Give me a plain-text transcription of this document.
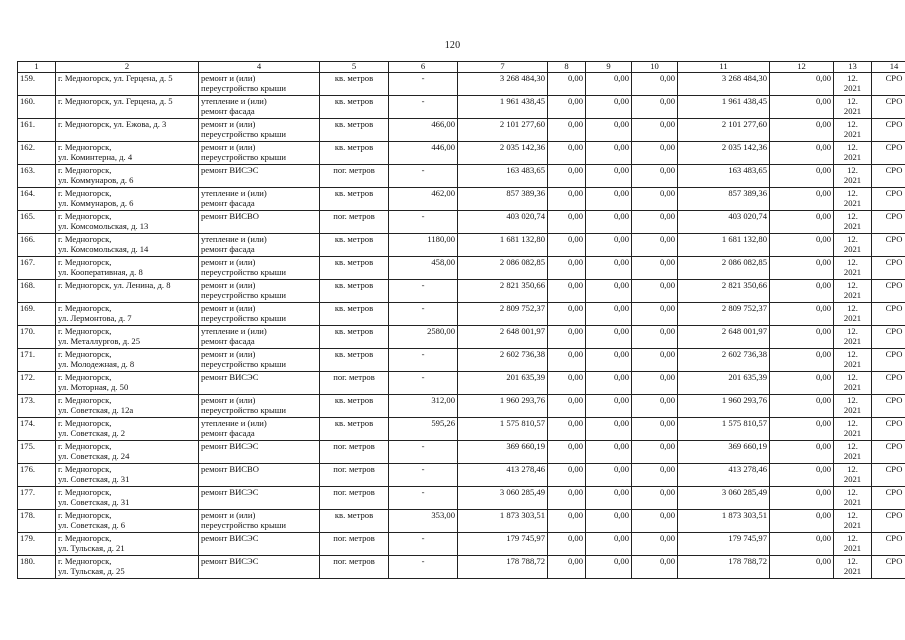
120
1	2	4	5	6	7	8	9	10	11	12	13	14
159.	г. Медногорск, ул. Герцена, д. 5	ремонт и (или)
переустройство крыши	кв. метров	-	3 268 484,30	0,00	0,00	0,00	3 268 484,30	0,00	12.
2021	СРО
160.	г. Медногорск, ул. Герцена, д. 5	утепление и (или)
ремонт фасада	кв. метров	-	1 961 438,45	0,00	0,00	0,00	1 961 438,45	0,00	12.
2021	СРО
161.	г. Медногорск, ул. Ежова, д. 3	ремонт и (или)
переустройство крыши	кв. метров	466,00	2 101 277,60	0,00	0,00	0,00	2 101 277,60	0,00	12.
2021	СРО
162.	г. Медногорск,
ул. Коминтерна, д. 4	ремонт и (или)
переустройство крыши	кв. метров	446,00	2 035 142,36	0,00	0,00	0,00	2 035 142,36	0,00	12.
2021	СРО
163.	г. Медногорск,
ул. Коммунаров, д. 6	ремонт ВИСЭС	пог. метров	-	163 483,65	0,00	0,00	0,00	163 483,65	0,00	12.
2021	СРО
164.	г. Медногорск,
ул. Коммунаров, д. 6	утепление и (или)
ремонт фасада	кв. метров	462,00	857 389,36	0,00	0,00	0,00	857 389,36	0,00	12.
2021	СРО
165.	г. Медногорск,
ул. Комсомольская, д. 13	ремонт ВИСВО	пог. метров	-	403 020,74	0,00	0,00	0,00	403 020,74	0,00	12.
2021	СРО
166.	г. Медногорск,
ул. Комсомольская, д. 14	утепление и (или)
ремонт фасада	кв. метров	1180,00	1 681 132,80	0,00	0,00	0,00	1 681 132,80	0,00	12.
2021	СРО
167.	г. Медногорск,
ул. Кооперативная, д. 8	ремонт и (или)
переустройство крыши	кв. метров	458,00	2 086 082,85	0,00	0,00	0,00	2 086 082,85	0,00	12.
2021	СРО
168.	г. Медногорск, ул. Ленина, д. 8	ремонт и (или)
переустройство крыши	кв. метров	-	2 821 350,66	0,00	0,00	0,00	2 821 350,66	0,00	12.
2021	СРО
169.	г. Медногорск,
ул. Лермонтова, д. 7	ремонт и (или)
переустройство крыши	кв. метров	-	2 809 752,37	0,00	0,00	0,00	2 809 752,37	0,00	12.
2021	СРО
170.	г. Медногорск,
ул. Металлургов, д. 25	утепление и (или)
ремонт фасада	кв. метров	2580,00	2 648 001,97	0,00	0,00	0,00	2 648 001,97	0,00	12.
2021	СРО
171.	г. Медногорск,
ул. Молодежная, д. 8	ремонт и (или)
переустройство крыши	кв. метров	-	2 602 736,38	0,00	0,00	0,00	2 602 736,38	0,00	12.
2021	СРО
172.	г. Медногорск,
ул. Моторная, д. 50	ремонт ВИСЭС	пог. метров	-	201 635,39	0,00	0,00	0,00	201 635,39	0,00	12.
2021	СРО
173.	г. Медногорск,
ул. Советская, д. 12а	ремонт и (или)
переустройство крыши	кв. метров	312,00	1 960 293,76	0,00	0,00	0,00	1 960 293,76	0,00	12.
2021	СРО
174.	г. Медногорск,
ул. Советская, д. 2	утепление и (или)
ремонт фасада	кв. метров	595,26	1 575 810,57	0,00	0,00	0,00	1 575 810,57	0,00	12.
2021	СРО
175.	г. Медногорск,
ул. Советская, д. 24	ремонт ВИСЭС	пог. метров	-	369 660,19	0,00	0,00	0,00	369 660,19	0,00	12.
2021	СРО
176.	г. Медногорск,
ул. Советская, д. 31	ремонт ВИСВО	пог. метров	-	413 278,46	0,00	0,00	0,00	413 278,46	0,00	12.
2021	СРО
177.	г. Медногорск,
ул. Советская, д. 31	ремонт ВИСЭС	пог. метров	-	3 060 285,49	0,00	0,00	0,00	3 060 285,49	0,00	12.
2021	СРО
178.	г. Медногорск,
ул. Советская, д. 6	ремонт и (или)
переустройство крыши	кв. метров	353,00	1 873 303,51	0,00	0,00	0,00	1 873 303,51	0,00	12.
2021	СРО
179.	г. Медногорск,
ул. Тульская, д. 21	ремонт ВИСЭС	пог. метров	-	179 745,97	0,00	0,00	0,00	179 745,97	0,00	12.
2021	СРО
180.	г. Медногорск,
ул. Тульская, д. 25	ремонт ВИСЭС	пог. метров	-	178 788,72	0,00	0,00	0,00	178 788,72	0,00	12.
2021	СРО
